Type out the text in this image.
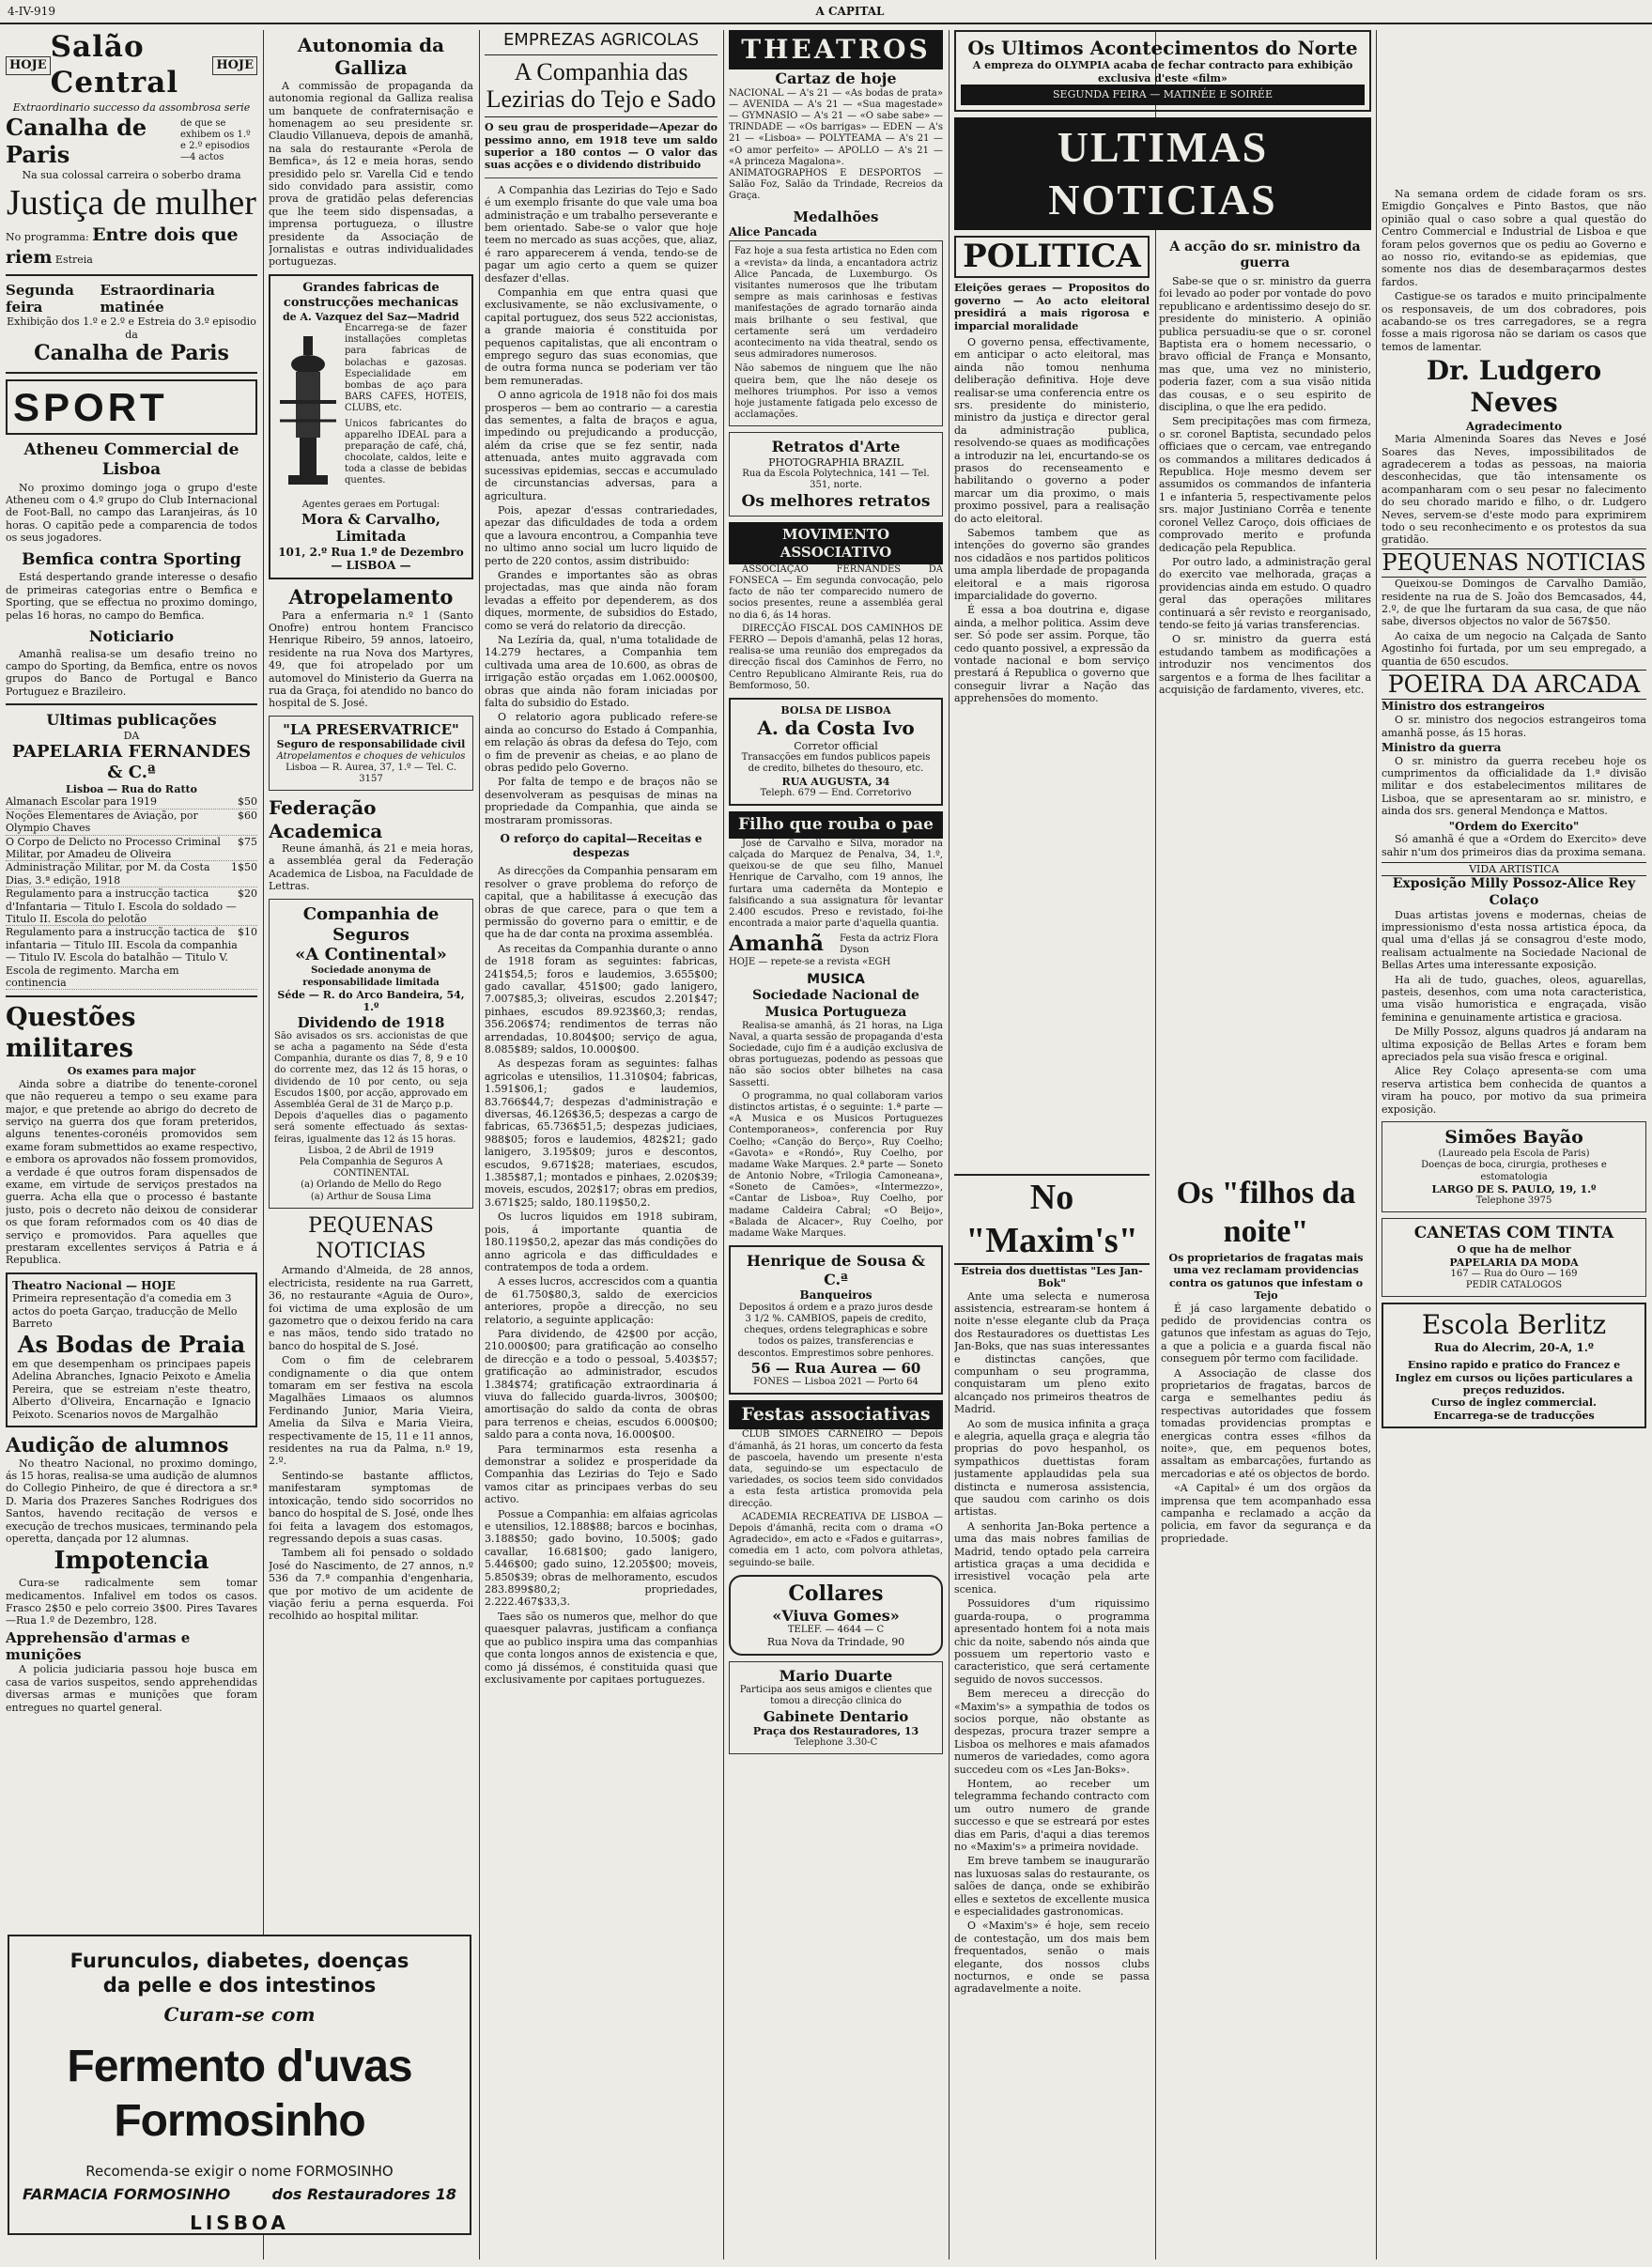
4-IV-919	A CAPITAL
HOJE
Salão Central
HOJE
Extraordinario successo da assombrosa serie
Canalha de Paris
de que se exhibem os 1.º e 2.º episodios—4 actos
Na sua colossal carreira o soberbo drama
Justiça de mulher
No programma: Entre dois que riem Estreia
Segunda feira
Estraordinaria matinée
Exhibição dos 1.º e 2.º e Estreia do 3.º episodio da
Canalha de Paris
SPORT
Atheneu Commercial de Lisboa

No proximo domingo joga o grupo d'este Atheneu com o 4.º grupo do Club Internacional de Foot-Ball, no campo das Laranjeiras, ás 10 horas. O capitão pede a comparencia de todos os seus jogadores.

Bemfica contra Sporting

Está despertando grande interesse o desafio de primeiras categorias entre o Bemfica e Sporting, que se effectua no proximo domingo, pelas 16 horas, no campo do Bemfica.

Noticiario

Amanhã realisa-se um desafio treino no campo do Sporting, da Bemfica, entre os novos grupos do Banco de Portugal e Banco Portuguez e Brazileiro.

Ultimas publicações
DA
PAPELARIA FERNANDES & C.ª
Lisboa — Rua do Ratto
Almanach Escolar para 1919	$50
Noções Elementares de Aviação, por Olympio Chaves
$60
O Corpo de Delicto no Processo Criminal Militar, por Amadeu de Oliveira
$75
Administração Militar, por M. da Costa Dias, 3.ª edição, 1918
1$50
Regulamento para a instrucção tactica d'Infantaria — Titulo I. Escola do soldado — Titulo II. Escola do pelotão
$20
Regulamento para a instrucção tactica de infantaria — Titulo III. Escola da companhia — Titulo IV. Escola do batalhão — Titulo V. Escola de regimento. Marcha em continencia
$10
Questões militares
Os exames para major

Ainda sobre a diatribe do tenente-coronel que não requereu a tempo o seu exame para major, e que pretende ao abrigo do decreto de serviço na guerra dos que foram preteridos, alguns tenentes-coronéis promovidos sem exame foram submettidos ao exame respectivo, e embora os aprovados não fossem promovidos, a verdade é que outros foram dispensados de exame, em virtude de serviços prestados na guerra. Acha ella que o processo é bastante justo, pois o decreto não deixou de considerar os que foram reformados com os 40 dias de serviço e promovidos. Para aquelles que prestaram excellentes serviços á Patria e á Republica.

Theatro Nacional — HOJE
Primeira representação d'a comedia em 3 actos do poeta Garçao, traducção de Mello Barreto
As Bodas de Praia
em que desempenham os principaes papeis Adelina Abranches, Ignacio Peixoto e Amelia Pereira, que se estreiam n'este theatro, Alberto d'Oliveira, Encarnação e Ignacio Peixoto. Scenarios novos de Margalhão
Audição de alumnos

No theatro Nacional, no proximo domingo, ás 15 horas, realisa-se uma audição de alumnos do Collegio Pinheiro, de que é directora a sr.ª D. Maria dos Prazeres Sanches Rodrigues dos Santos, havendo recitação de versos e execução de trechos musicaes, terminando pela operetta, dançada por 12 alumnas.

Impotencia

Cura-se radicalmente sem tomar medicamentos. Infalivel em todos os casos. Frasco 2$50 e pelo correio 3$00. Pires Tavares—Rua 1.º de Dezembro, 128.

Apprehensão d'armas e munições

A policia judiciaria passou hoje busca em casa de varios suspeitos, sendo apprehendidas diversas armas e munições que foram entregues no quartel general.

Furunculos, diabetes, doenças
da pelle e dos intestinos
Curam-se com
Fermento d'uvas Formosinho
Recomenda-se exigir o nome FORMOSINHO
FARMACIA FORMOSINHO	dos Restauradores 18
LISBOA
Autonomia da Galliza

A commissão de propaganda da autonomia regional da Galliza realisa um banquete de confraternisação e homenagem ao seu presidente sr. Claudio Villanueva, depois de amanhã, na sala do restaurante «Perola de Bemfica», ás 12 e meia horas, sendo presidido pelo sr. Varella Cid e tendo sido convidado para assistir, como prova de gratidão pelas deferencias que lhe teem sido dispensadas, a imprensa portugueza, o illustre presidente da Associação de Jornalistas e outras individualidades portuguezas.

Grandes fabricas de construcções mechanicas
de A. Vazquez del Saz—Madrid
Encarrega-se de fazer installações completas para fabricas de bolachas e gazosas. Especialidade em bombas de aço para BARS CAFES, HOTEIS, CLUBS, etc.
Unicos fabricantes do apparelho IDEAL para a preparação de café, chá, chocolate, caldos, leite e toda a classe de bebidas quentes.
Agentes geraes em Portugal:
Mora & Carvalho, Limitada
101, 2.º Rua 1.º de Dezembro
— LISBOA —
Atropelamento

Para a enfermaria n.º 1 (Santo Onofre) entrou hontem Francisco Henrique Ribeiro, 59 annos, latoeiro, residente na rua Nova dos Martyres, 49, que foi atropelado por um automovel do Ministerio da Guerra na rua da Graça, foi atendido no banco do hospital de S. José.

"LA PRESERVATRICE"
Seguro de responsabilidade civil
Atropelamentos e choques de vehiculos
Lisboa — R. Aurea, 37, 1.º — Tel. C. 3157
Federação Academica

Reune ámanhã, ás 21 e meia horas, a assembléa geral da Federação Academica de Lisboa, na Faculdade de Lettras.

Companhia de Seguros
«A Continental»
Sociedade anonyma de responsabilidade limitada
Séde — R. do Arco Bandeira, 54, 1.º
Dividendo de 1918
São avisados os srs. accionistas de que se acha a pagamento na Séde d'esta Companhia, durante os dias 7, 8, 9 e 10 do corrente mez, das 12 ás 15 horas, o dividendo de 10 por cento, ou seja Escudos 1$00, por acção, approvado em Assembléa Geral de 31 de Março p.p.
Depois d'aquelles dias o pagamento será somente effectuado ás sextas-feiras, igualmente das 12 ás 15 horas.
Lisboa, 2 de Abril de 1919
Pela Companhia de Seguros A CONTINENTAL
(a) Orlando de Mello do Rego
(a) Arthur de Sousa Lima
PEQUENAS NOTICIAS

Armando d'Almeida, de 28 annos, electricista, residente na rua Garrett, 36, no restaurante «Aguia de Ouro», foi victima de uma explosão de um gazometro que o deixou ferido na cara e nas mãos, tendo sido tratado no banco do hospital de S. José.

Com o fim de celebrarem condignamente o dia que ontem tomaram em ser festiva na escola Magalhães Limaaos os alumnos Ferdinando Junior, Maria Vieira, Amelia da Silva e Maria Vieira, respectivamente de 15, 11 e 11 annos, residentes na rua da Palma, n.º 19, 2.º.

Sentindo-se bastante afflictos, manifestaram symptomas de intoxicação, tendo sido socorridos no banco do hospital de S. José, onde lhes foi feita a lavagem dos estomagos, regressando depois a suas casas.

Tambem ali foi pensado o soldado José do Nascimento, de 27 annos, n.º 536 da 7.ª companhia d'engenharia, que por motivo de um acidente de viação feriu a perna esquerda. Foi recolhido ao hospital militar.

EMPREZAS AGRICOLAS
A Companhia das Lezirias do Tejo e Sado
O seu grau de prosperidade—Apezar do pessimo anno, em 1918 teve um saldo superior a 180 contos — O valor das suas acções e o dividendo distribuido

A Companhia das Lezirias do Tejo e Sado é um exemplo frisante do que vale uma boa administração e um trabalho perseverante e bem orientado. Sabe-se o valor que hoje teem no mercado as suas acções, que, aliaz, é raro apparecerem á venda, tendo-se de pagar um agio certo a quem se quizer desfazer d'ellas.

Companhia em que entra quasi que exclusivamente, se não exclusivamente, o capital portuguez, dos seus 522 accionistas, a grande maioria é constituida por pequenos capitalistas, que ali encontram o emprego seguro das suas economias, que de outra forma nunca se poderiam ver tão bem remuneradas.

O anno agricola de 1918 não foi dos mais prosperos — bem ao contrario — a carestia das sementes, a falta de braços e agua, impedindo ou prejudicando a producção, além da crise que se fez sentir, nada attenuada, antes muito aggravada com sucessivas epidemias, seccas e accumulado de circunstancias adversas, para a agricultura.

Pois, apezar d'essas contrariedades, apezar das dificuldades de toda a ordem que a lavoura encontrou, a Companhia teve no ultimo anno social um lucro liquido de perto de 220 contos, assim distribuido:

Grandes e importantes são as obras projectadas, mas que ainda não foram levadas a effeito por dependerem, as dos diques, mormente, de subsidios do Estado, como se verá do relatorio da direcção.

Na Lezíria da, qual, n'uma totalidade de 14.279 hectares, a Companhia tem cultivada uma area de 10.600, as obras de irrigação estão orçadas em 1.062.000$00, obras que ainda não foram iniciadas por falta do subsidio do Estado.

O relatorio agora publicado refere-se ainda ao concurso do Estado á Companhia, em relação ás obras da defesa do Tejo, com o fim de prevenir as cheias, e ao plano de obras pedido pelo Governo.

Por falta de tempo e de braços não se desenvolveram as pesquisas de minas na propriedade da Companhia, que ainda se mostraram promissoras.

O reforço do capital—Receitas e despezas

As direcções da Companhia pensaram em resolver o grave problema do reforço de capital, que a habilitasse á execução das obras de que carece, para o que tem a permissão do governo para o emittir, e de que ha de dar conta na proxima assembléa.

As receitas da Companhia durante o anno de 1918 foram as seguintes: fabricas, 241$54,5; foros e laudemios, 3.655$00; gado cavallar, 451$00; gado lanigero, 7.007$85,3; oliveiras, escudos 2.201$47; pinhaes, escudos 89.923$60,3; rendas, 356.206$74; rendimentos de terras não arrendadas, 10.804$00; serviço de agua, 8.085$89; saldos, 10.000$00.

As despezas foram as seguintes: falhas agricolas e utensilios, 11.310$04; fabricas, 1.591$06,1; gados e laudemios, 83.766$44,7; despezas d'administração e diversas, 46.126$36,5; despezas a cargo de fabricas, 65.736$51,5; despezas judiciaes, 988$05; foros e laudemios, 482$21; gado lanigero, 3.195$09; juros e descontos, escudos, 9.671$28; materiaes, escudos, 1.385$87,1; montados e pinhaes, 2.020$39; moveis, escudos, 202$17; obras em predios, 3.671$25; saldo, 180.119$50,2.

Os lucros liquidos em 1918 subiram, pois, á importante quantia de 180.119$50,2, apezar das más condições do anno agricola e das difficuldades e contratempos de toda a ordem.

A esses lucros, accrescidos com a quantia de 61.750$80,3, saldo de exercicios anteriores, propõe a direcção, no seu relatorio, a seguinte applicação:

Para dividendo, de 42$00 por acção, 210.000$00; para gratificação ao conselho de direcção e a todo o pessoal, 5.403$57; gratificação ao administrador, escudos 1.384$74; gratificação extraordinaria á viuva do fallecido guarda-livros, 300$00; amortisação do saldo da conta de obras para terrenos e cheias, escudos 6.000$00; saldo para a conta nova, 16.000$00.

Para terminarmos esta resenha a demonstrar a solidez e prosperidade da Companhia das Lezirias do Tejo e Sado vamos citar as principaes verbas do seu activo.

Possue a Companhia: em alfaias agricolas e utensilios, 12.188$88; barcos e bocinhas, 3.188$50; gado bovino, 10.500$; gado cavallar, 16.681$00; gado lanigero, 5.446$00; gado suino, 12.205$00; moveis, 5.850$39; obras de melhoramento, escudos 283.899$80,2; propriedades, 2.222.467$33,3.

Taes são os numeros que, melhor do que quaesquer palavras, justificam a confiança que ao publico inspira uma das companhias que conta longos annos de existencia e que, como já dissémos, é constituida quasi que exclusivamente por capitaes portuguezes.

THEATROS
Cartaz de hoje
NACIONAL — A's 21 — «As bodas de prata» — AVENIDA — A's 21 — «Sua magestade» — GYMNASIO — A's 21 — «O sabe sabe» — TRINDADE — «Os barrigas» — EDEN — A's 21 — «Lisboa» — POLYTEAMA — A's 21 — «O amor perfeito» — APOLLO — A's 21 — «A princeza Magalona».
ANIMATOGRAPHOS E DESPORTOS — Salão Foz, Salão da Trindade, Recreios da Graça.
Medalhões
Alice Pancada
Faz hoje a sua festa artistica no Eden com a «revista» da linda, a encantadora actriz Alice Pancada, de Luxemburgo. Os visitantes numerosos que lhe tributam sempre as mais carinhosas e festivas manifestações de agrado tornarão ainda mais brilhante o seu festival, que certamente será um verdadeiro acontecimento na vida theatral, sendo os seus admiradores numerosos.
Não sabemos de ninguem que lhe não queira bem, que lhe não deseje os melhores triumphos. Por isso a vemos hoje justamente fatigada pelo excesso de acclamações.
Retratos d'Arte
PHOTOGRAPHIA BRAZIL
Rua da Escola Polytechnica, 141 — Tel. 351, norte.
Os melhores retratos
MOVIMENTO ASSOCIATIVO

ASSOCIAÇÃO FERNANDES DA FONSECA — Em segunda convocação, pelo facto de não ter comparecido numero de socios presentes, reune a assembléa geral no dia 6, ás 14 horas.

DIRECÇÃO FISCAL DOS CAMINHOS DE FERRO — Depois d'amanhã, pelas 12 horas, realisa-se uma reunião dos empregados da direcção fiscal dos Caminhos de Ferro, no Centro Republicano Almirante Reis, rua do Bemformoso, 50.

BOLSA DE LISBOA
A. da Costa Ivo
Corretor official
Transacções em fundos publicos papeis de credito, bilhetes do thesouro, etc.
RUA AUGUSTA, 34
Teleph. 679 — End. Corretorivo
Filho que rouba o pae

José de Carvalho e Silva, morador na calçada do Marquez de Penalva, 34, 1.º, queixou-se de que seu filho, Manuel Henrique de Carvalho, com 19 annos, lhe furtara uma cadernêta da Montepio e falsificando a sua assignatura fôr levantar 2.400 escudos. Preso e revistado, foi-lhe encontrada a maior parte d'aquella quantia.

Amanhã Festa da actriz Flora Dyson
HOJE — repete-se a revista «EGH
MUSICA
Sociedade Nacional de Musica Portugueza

Realisa-se amanhã, ás 21 horas, na Liga Naval, a quarta sessão de propaganda d'esta Sociedade, cujo fim é a audição exclusiva de obras portuguezas, podendo as pessoas que não são socios obter bilhetes na casa Sassetti.

O programma, no qual collaboram varios distinctos artistas, é o seguinte: 1.ª parte — «A Musica e os Musicos Portuguezes Contemporaneos», conferencia por Ruy Coelho; «Canção do Berço», Ruy Coelho; «Gavota» e «Rondó», Ruy Coelho, por madame Wake Marques. 2.ª parte — Soneto de Antonio Nobre, «Trilogia Camoneana», «Soneto de Camões», «Intermezzo», «Cantar de Lisboa», Ruy Coelho, por madame Caldeira Cabral; «O Beijo», «Balada de Alcacer», Ruy Coelho, por madame Wake Marques.

Henrique de Sousa & C.ª
Banqueiros
Depositos á ordem e a prazo juros desde 3 1/2 %. CAMBIOS, papeis de credito, cheques, ordens telegraphicas e sobre todos os paizes, transferencias e descontos. Emprestimos sobre penhores.
56 — Rua Aurea — 60
FONES — Lisboa 2021 — Porto 64
Festas associativas

CLUB SIMÕES CARNEIRO — Depois d'ámanhã, ás 21 horas, um concerto da festa de pascoela, havendo um presente n'esta data, seguindo-se um espectaculo de variedades, os socios teem sido convidados a esta festa artistica promovida pela direcção.

ACADEMIA RECREATIVA DE LISBOA — Depois d'ámanhã, recita com o drama «O Agradecido», em acto e «Fados e guitarras», comedia em 1 acto, com polvora athletas, seguindo-se baile.

Collares
«Viuva Gomes»
TELEF. — 4644 — C
Rua Nova da Trindade, 90
Mario Duarte
Participa aos seus amigos e clientes que tomou a direcção clinica do
Gabinete Dentario
Praça dos Restauradores, 13
Telephone 3.30-C
No "Maxim's"
Estreia dos duettistas "Les Jan-Bok"

Ante uma selecta e numerosa assistencia, estrearam-se hontem á noite n'esse elegante club da Praça dos Restauradores os duettistas Les Jan-Boks, que nas suas interessantes e distinctas canções, que compunham o seu programma, conquistaram um pleno exito alcançado nos primeiros theatros de Madrid.

Ao som de musica infinita a graça e alegria, aquella graça e alegria tão proprias do povo hespanhol, os sympathicos duettistas foram justamente applaudidas pela sua distincta e numerosa assistencia, que saudou com carinho os dois artistas.

A senhorita Jan-Boka pertence a uma das mais nobres familias de Madrid, tendo optado pela carreira artistica graças a uma decidida e irresistivel vocação pela arte scenica.

Possuidores d'um riquissimo guarda-roupa, o programma apresentado hontem foi a nota mais chic da noite, sabendo nós ainda que possuem um repertorio vasto e caracteristico, que será certamente seguido de novos successos.

Bem mereceu a direcção do «Maxim's» a sympathia de todos os socios porque, não obstante as despezas, procura trazer sempre a Lisboa os melhores e mais afamados numeros de variedades, como agora succedeu com os «Les Jan-Boks».

Hontem, ao receber um telegramma fechando contracto com um outro numero de grande successo e que se estreará por estes dias em Paris, d'aqui a dias teremos no «Maxim's» a primeira novidade.

Em breve tambem se inaugurarão nas luxuosas salas do restaurante, os salões de dança, onde se exhibirão elles e sextetos de excellente musica e especialidades gastronomicas.

O «Maxim's» é hoje, sem receio de contestação, um dos mais bem frequentados, senão o mais elegante, dos nossos clubs nocturnos, e onde se passa agradavelmente a noite.

Os Ultimos Acontecimentos do Norte
A empreza do OLYMPIA acaba de fechar contracto para exhibição exclusiva d'este «film»
SEGUNDA FEIRA — MATINÉE E SOIRÉE
ULTIMAS NOTICIAS
POLITICA
Eleições geraes — Propositos do governo — Ao acto eleitoral presidirá a mais rigorosa e imparcial moralidade

O governo pensa, effectivamente, em anticipar o acto eleitoral, mas ainda não tomou nenhuma deliberação definitiva. Hoje deve realisar-se uma conferencia entre os srs. presidente do ministerio, ministro da justiça e director geral da administração publica, resolvendo-se quaes as modificações a introduzir na lei, encurtando-se os prasos do recenseamento e habilitando o governo a poder marcar um dia proximo, o mais proximo possivel, para a realisação do acto eleitoral.

Sabemos tambem que as intenções do governo são grandes nos cidadãos e nos partidos politicos uma ampla liberdade de propaganda eleitoral e a mais rigorosa imparcialidade do governo.

É essa a boa doutrina e, digase ainda, a melhor politica. Assim deve ser. Só pode ser assim. Porque, tão cedo quanto possivel, a expressão da vontade nacional e bom serviço prestará á Republica o governo que conseguir livrar a Nação das apprehensões do momento.

A acção do sr. ministro da guerra

Sabe-se que o sr. ministro da guerra foi levado ao poder por vontade do povo republicano e ardentissimo desejo do sr. presidente do ministerio. A opinião publica persuadiu-se que o sr. coronel Baptista era o homem necessario, o bravo official de França e Monsanto, mas que, uma vez no ministerio, poderia fazer, com a sua visão nitida das cousas, e o seu espirito de disciplina, o que lhe era pedido.

Sem precipitações mas com firmeza, o sr. coronel Baptista, secundado pelos officiaes que o cercam, vae entregando os commandos a militares dedicados á Republica. Hoje mesmo devem ser assumidos os commandos de infanteria 1 e infanteria 5, respectivamente pelos srs. major Justiniano Corrêa e tenente coronel Vellez Caroço, dois officiaes de comprovado merito e profunda dedicação pela Republica.

Por outro lado, a administração geral do exercito vae melhorada, graças a providencias ainda em estudo. O quadro geral das operações militares continuará a sêr revisto e reorganisado, tendo-se feito já varias transferencias.

O sr. ministro da guerra está estudando tambem as modificações a introduzir nos vencimentos dos sargentos e a forma de lhes facilitar a acquisição de fardamento, viveres, etc.

Os "filhos da noite"
Os proprietarios de fragatas mais uma vez reclamam providencias contra os gatunos que infestam o Tejo

É já caso largamente debatido o pedido de providencias contra os gatunos que infestam as aguas do Tejo, a que a policia e a guarda fiscal não conseguem pôr termo com facilidade.

A Associação de classe dos proprietarios de fragatas, barcos de carga e semelhantes pediu ás respectivas autoridades que fossem tomadas providencias promptas e energicas contra esses «filhos da noite», que, em pequenos botes, assaltam as embarcações, furtando as mercadorias e até os objectos de bordo.

«A Capital» é um dos orgãos da imprensa que tem acompanhado essa campanha e reclamado a acção da policia, em favor da segurança e da propriedade.

Na semana ordem de cidade foram os srs. Emigdio Gonçalves e Pinto Bastos, que não opinião qual o caso sobre a qual questão do Centro Commercial e Industrial de Lisboa e que foram pelos governos que os pediu ao Governo e ao nosso rio, evitando-se as epidemias, que somente nos dias de desembaraçarmos destes fardos.

Castigue-se os tarados e muito principalmente os responsaveis, de um dos cobradores, pois acabando-se os tres carregadores, se a regra fosse a mais rigorosa não se dariam os casos que temos de lamentar.

Dr. Ludgero Neves
Agradecimento

Maria Almeninda Soares das Neves e José Soares das Neves, impossibilitados de agradecerem a todas as pessoas, na maioria desconhecidas, que tão intensamente os acompanharam com o seu pesar no falecimento do seu chorado marido e filho, o dr. Ludgero Neves, servem-se d'este modo para exprimirem todo o seu reconhecimento e os protestos da sua gratidão.

PEQUENAS NOTICIAS

Queixou-se Domingos de Carvalho Damião, residente na rua de S. João dos Bemcasados, 44, 2.º, de que lhe furtaram da sua casa, de que não sabe, diversos objectos no valor de 567$50.

Ao caixa de um negocio na Calçada de Santo Agostinho foi furtada, por um seu empregado, a quantia de 650 escudos.

POEIRA DA ARCADA
Ministro dos estrangeiros

O sr. ministro dos negocios estrangeiros toma amanhã posse, ás 15 horas.

Ministro da guerra

O sr. ministro da guerra recebeu hoje os cumprimentos da officialidade da 1.ª divisão militar e dos estabelecimentos militares de Lisboa, que se apresentaram ao sr. ministro, e ainda dos srs. general Mendonça e Mattos.

"Ordem do Exercito"

Só amanhã é que a «Ordem do Exercito» deve sahir n'um dos primeiros dias da proxima semana.

VIDA ARTISTICA
Exposição Milly Possoz-Alice Rey Colaço

Duas artistas jovens e modernas, cheias de impressionismo d'esta nossa artistica época, da qual uma d'ellas já se consagrou d'este modo, realisam actualmente na Sociedade Nacional de Bellas Artes uma interessante exposição.

Ha ali de tudo, guaches, oleos, aguarellas, pasteis, desenhos, com uma nota caracteristica, uma visão humoristica e engraçada, visão feminina e genuinamente artistica e graciosa.

De Milly Possoz, alguns quadros já andaram na ultima exposição de Bellas Artes e foram bem apreciados pela sua visão fresca e original.

Alice Rey Colaço apresenta-se com uma reserva artistica bem conhecida de quantos a viram ha pouco, por motivo da sua primeira exposição.

Simões Bayão
(Laureado pela Escola de Paris)
Doenças de boca, cirurgia, protheses e estomatologia
LARGO DE S. PAULO, 19, 1.º
Telephone 3975
CANETAS COM TINTA
O que ha de melhor
PAPELARIA DA MODA
167 — Rua do Ouro — 169
PEDIR CATALOGOS
Escola Berlitz
Rua do Alecrim, 20-A, 1.º
Ensino rapido e pratico do Francez e Inglez em cursos ou lições particulares a preços reduzidos.
Curso de inglez commercial.
Encarrega-se de traducções
